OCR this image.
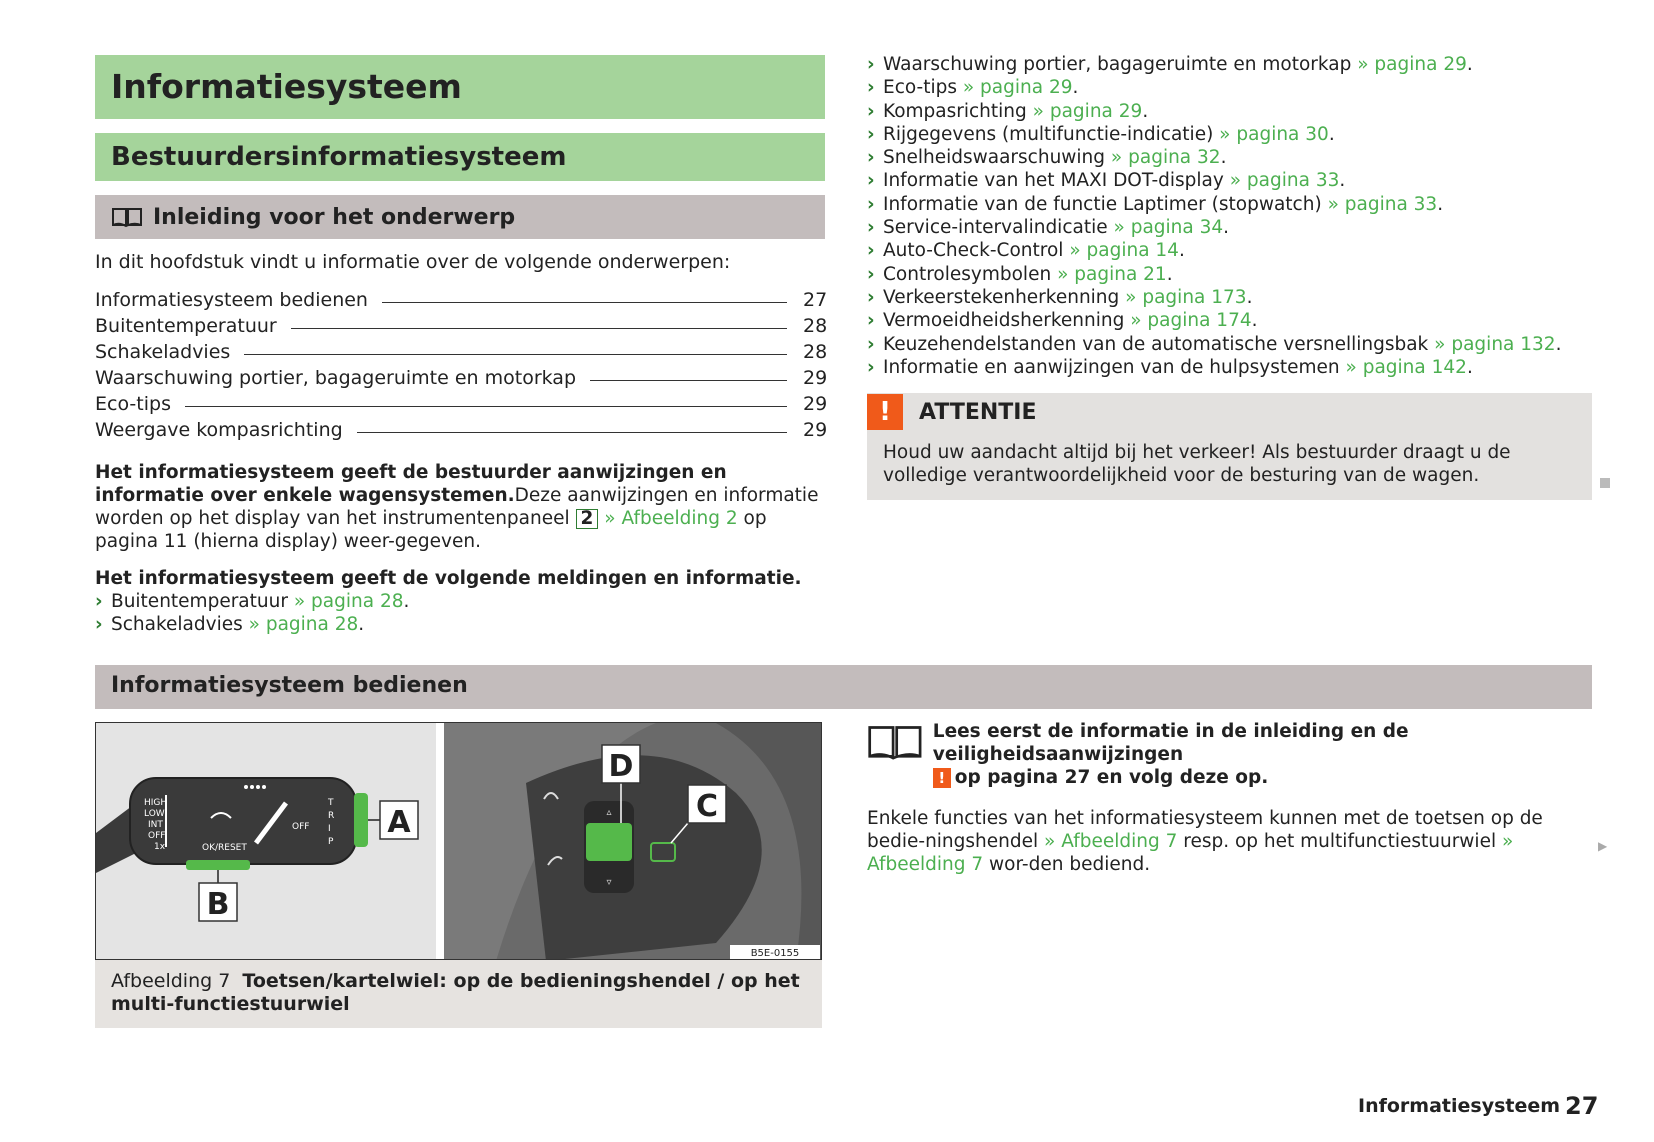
Informatiesysteem
Bestuurdersinformatiesysteem
Inleiding voor het onderwerp
In dit hoofdstuk vindt u informatie over de volgende onderwerpen:
Informatiesysteem bedienen	27
Buitentemperatuur	28
Schakeladvies	28
Waarschuwing portier, bagageruimte en motorkap	29
Eco-tips	29
Weergave kompasrichting	29
Het informatiesysteem geeft de bestuurder aanwijzingen en informatie over enkele wagensystemen.Deze aanwijzingen en informatie worden op het display van het instrumentenpaneel 2 » Afbeelding 2 op pagina 11 (hierna display) weer-gegeven.
Het informatiesysteem geeft de volgende meldingen en informatie.
› Buitentemperatuur » pagina 28.
› Schakeladvies » pagina 28.
› Waarschuwing portier, bagageruimte en motorkap » pagina 29.
› Eco-tips » pagina 29.
› Kompasrichting » pagina 29.
› Rijgegevens (multifunctie-indicatie) » pagina 30.
› Snelheidswaarschuwing » pagina 32.
› Informatie van het MAXI DOT-display » pagina 33.
› Informatie van de functie Laptimer (stopwatch) » pagina 33.
› Service-intervalindicatie » pagina 34.
› Auto-Check-Control » pagina 14.
› Controlesymbolen » pagina 21.
› Verkeerstekenherkenning » pagina 173.
› Vermoeidheidsherkenning » pagina 174.
› Keuzehendelstanden van de automatische versnellingsbak » pagina 132.
› Informatie en aanwijzingen van de hulpsystemen » pagina 142.
!	ATTENTIE
Houd uw aandacht altijd bij het verkeer! Als bestuurder draagt u de volledige verantwoordelijkheid voor de besturing van de wagen.
Informatiesysteem bedienen
HIGH
LOW
INT
OFF
1x	OK/RESET
OFF
T
R
I
P
A
B
▵
▿
D
C
B5E-0155
Afbeelding 7 Toetsen/kartelwiel: op de bedieningshendel / op het multi-functiestuurwiel
Lees eerst de informatie in de inleiding en de veiligheidsaanwijzingen
! op pagina 27 en volg deze op.
Enkele functies van het informatiesysteem kunnen met de toetsen op de bedie-ningshendel » Afbeelding 7 resp. op het multifunctiestuurwiel » Afbeelding 7 wor-den bediend.
▶
Informatiesysteem 27
